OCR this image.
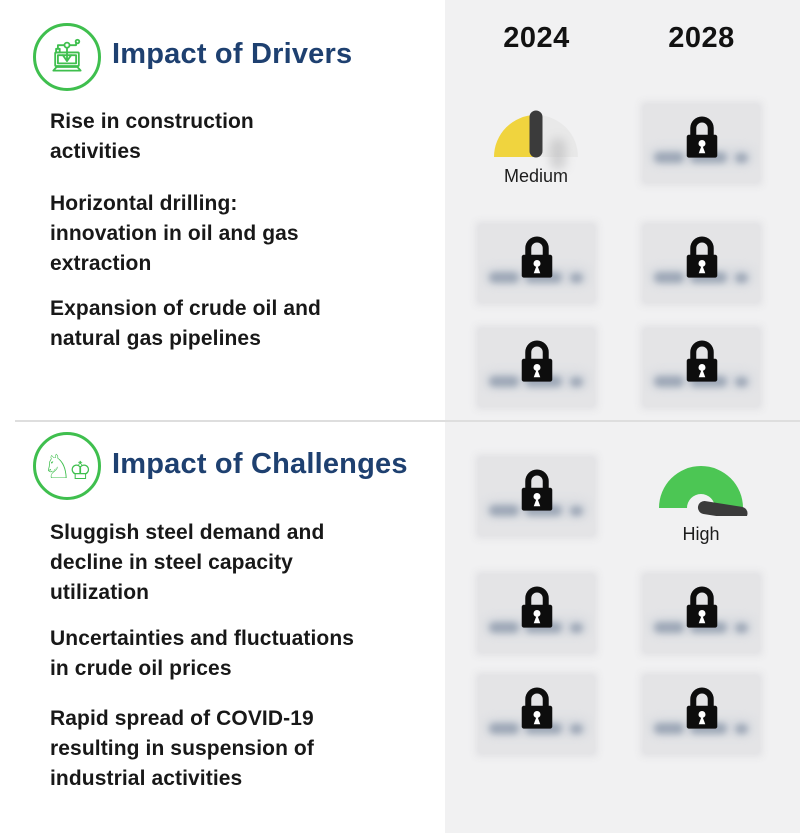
2024	2028
Medium
High
Impact of Drivers
Rise in construction
activities
Horizontal drilling:
innovation in oil and gas
extraction
Expansion of crude oil and
natural gas pipelines
♘
♔ Impact of Challenges
Sluggish steel demand and
decline in steel capacity
utilization
Uncertainties and fluctuations
in crude oil prices
Rapid spread of COVID-19
resulting in suspension of
industrial activities
